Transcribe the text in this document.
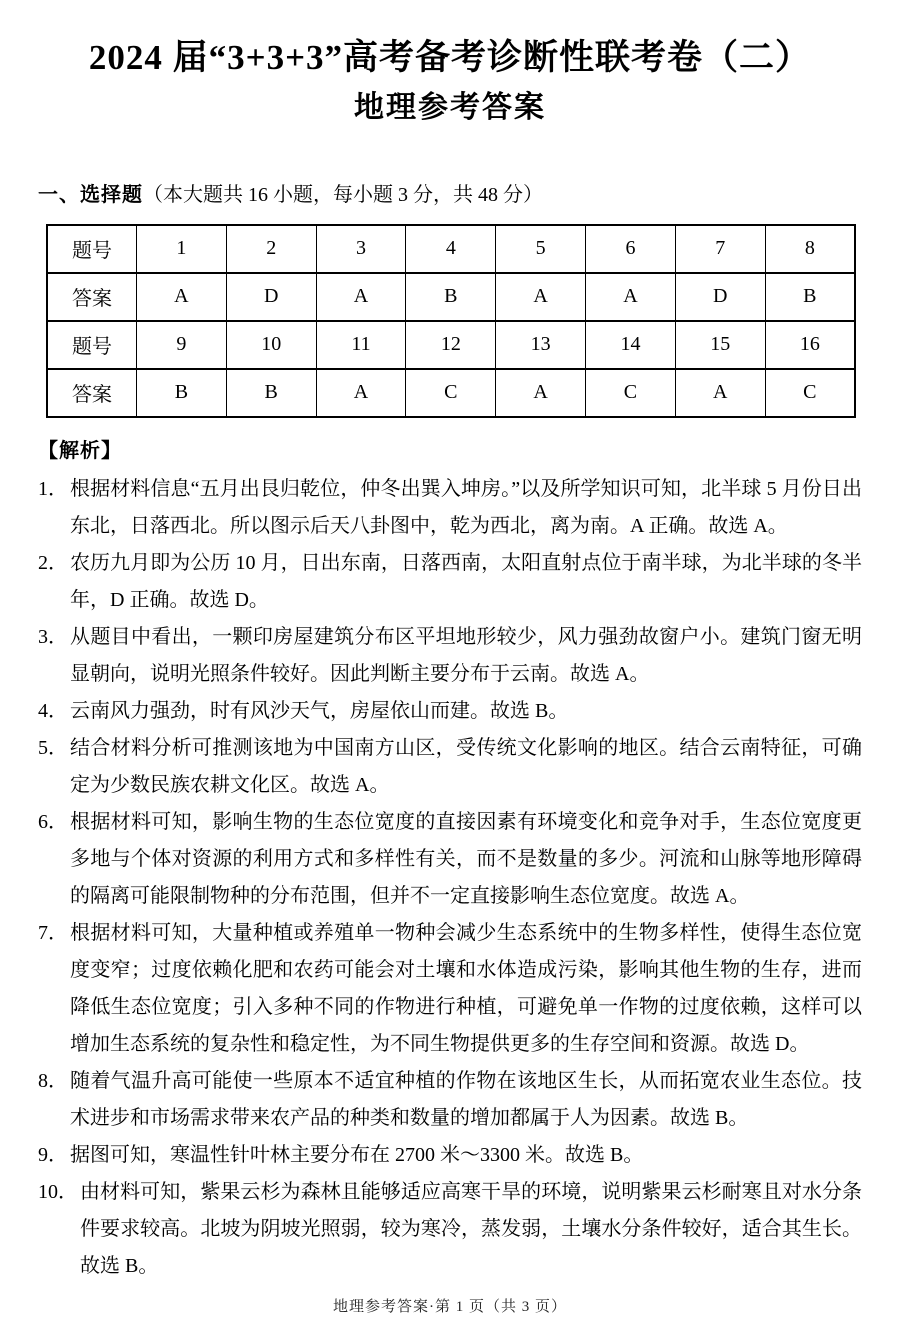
2024 届“3+3+3”高考备考诊断性联考卷（二）
地理参考答案
一、选择题（本大题共 16 小题，每小题 3 分，共 48 分）
题号	1	2	3	4	5	6	7	8
答案	A	D	A	B	A	A	D	B
题号	9	10	11	12	13	14	15	16
答案	B	B	A	C	A	C	A	C
【解析】
1． 根据材料信息“五月出艮归乾位，仲冬出巽入坤房。”以及所学知识可知，北半球 5 月份日出东北，日落西北。所以图示后天八卦图中，乾为西北，离为南。A 正确。故选 A。
2． 农历九月即为公历 10 月，日出东南，日落西南，太阳直射点位于南半球，为北半球的冬半年，D 正确。故选 D。
3． 从题目中看出，一颗印房屋建筑分布区平坦地形较少，风力强劲故窗户小。建筑门窗无明显朝向，说明光照条件较好。因此判断主要分布于云南。故选 A。
4． 云南风力强劲，时有风沙天气，房屋依山而建。故选 B。
5． 结合材料分析可推测该地为中国南方山区，受传统文化影响的地区。结合云南特征，可确定为少数民族农耕文化区。故选 A。
6． 根据材料可知，影响生物的生态位宽度的直接因素有环境变化和竞争对手，生态位宽度更多地与个体对资源的利用方式和多样性有关，而不是数量的多少。河流和山脉等地形障碍的隔离可能限制物种的分布范围，但并不一定直接影响生态位宽度。故选 A。
7． 根据材料可知，大量种植或养殖单一物种会减少生态系统中的生物多样性，使得生态位宽度变窄；过度依赖化肥和农药可能会对土壤和水体造成污染，影响其他生物的生存，进而降低生态位宽度；引入多种不同的作物进行种植，可避免单一作物的过度依赖，这样可以增加生态系统的复杂性和稳定性，为不同生物提供更多的生存空间和资源。故选 D。
8． 随着气温升高可能使一些原本不适宜种植的作物在该地区生长，从而拓宽农业生态位。技术进步和市场需求带来农产品的种类和数量的增加都属于人为因素。故选 B。
9． 据图可知，寒温性针叶林主要分布在 2700 米～3300 米。故选 B。
10． 由材料可知，紫果云杉为森林且能够适应高寒干旱的环境，说明紫果云杉耐寒且对水分条件要求较高。北坡为阴坡光照弱，较为寒冷，蒸发弱，土壤水分条件较好，适合其生长。故选 B。
地理参考答案·第 1 页（共 3 页）
